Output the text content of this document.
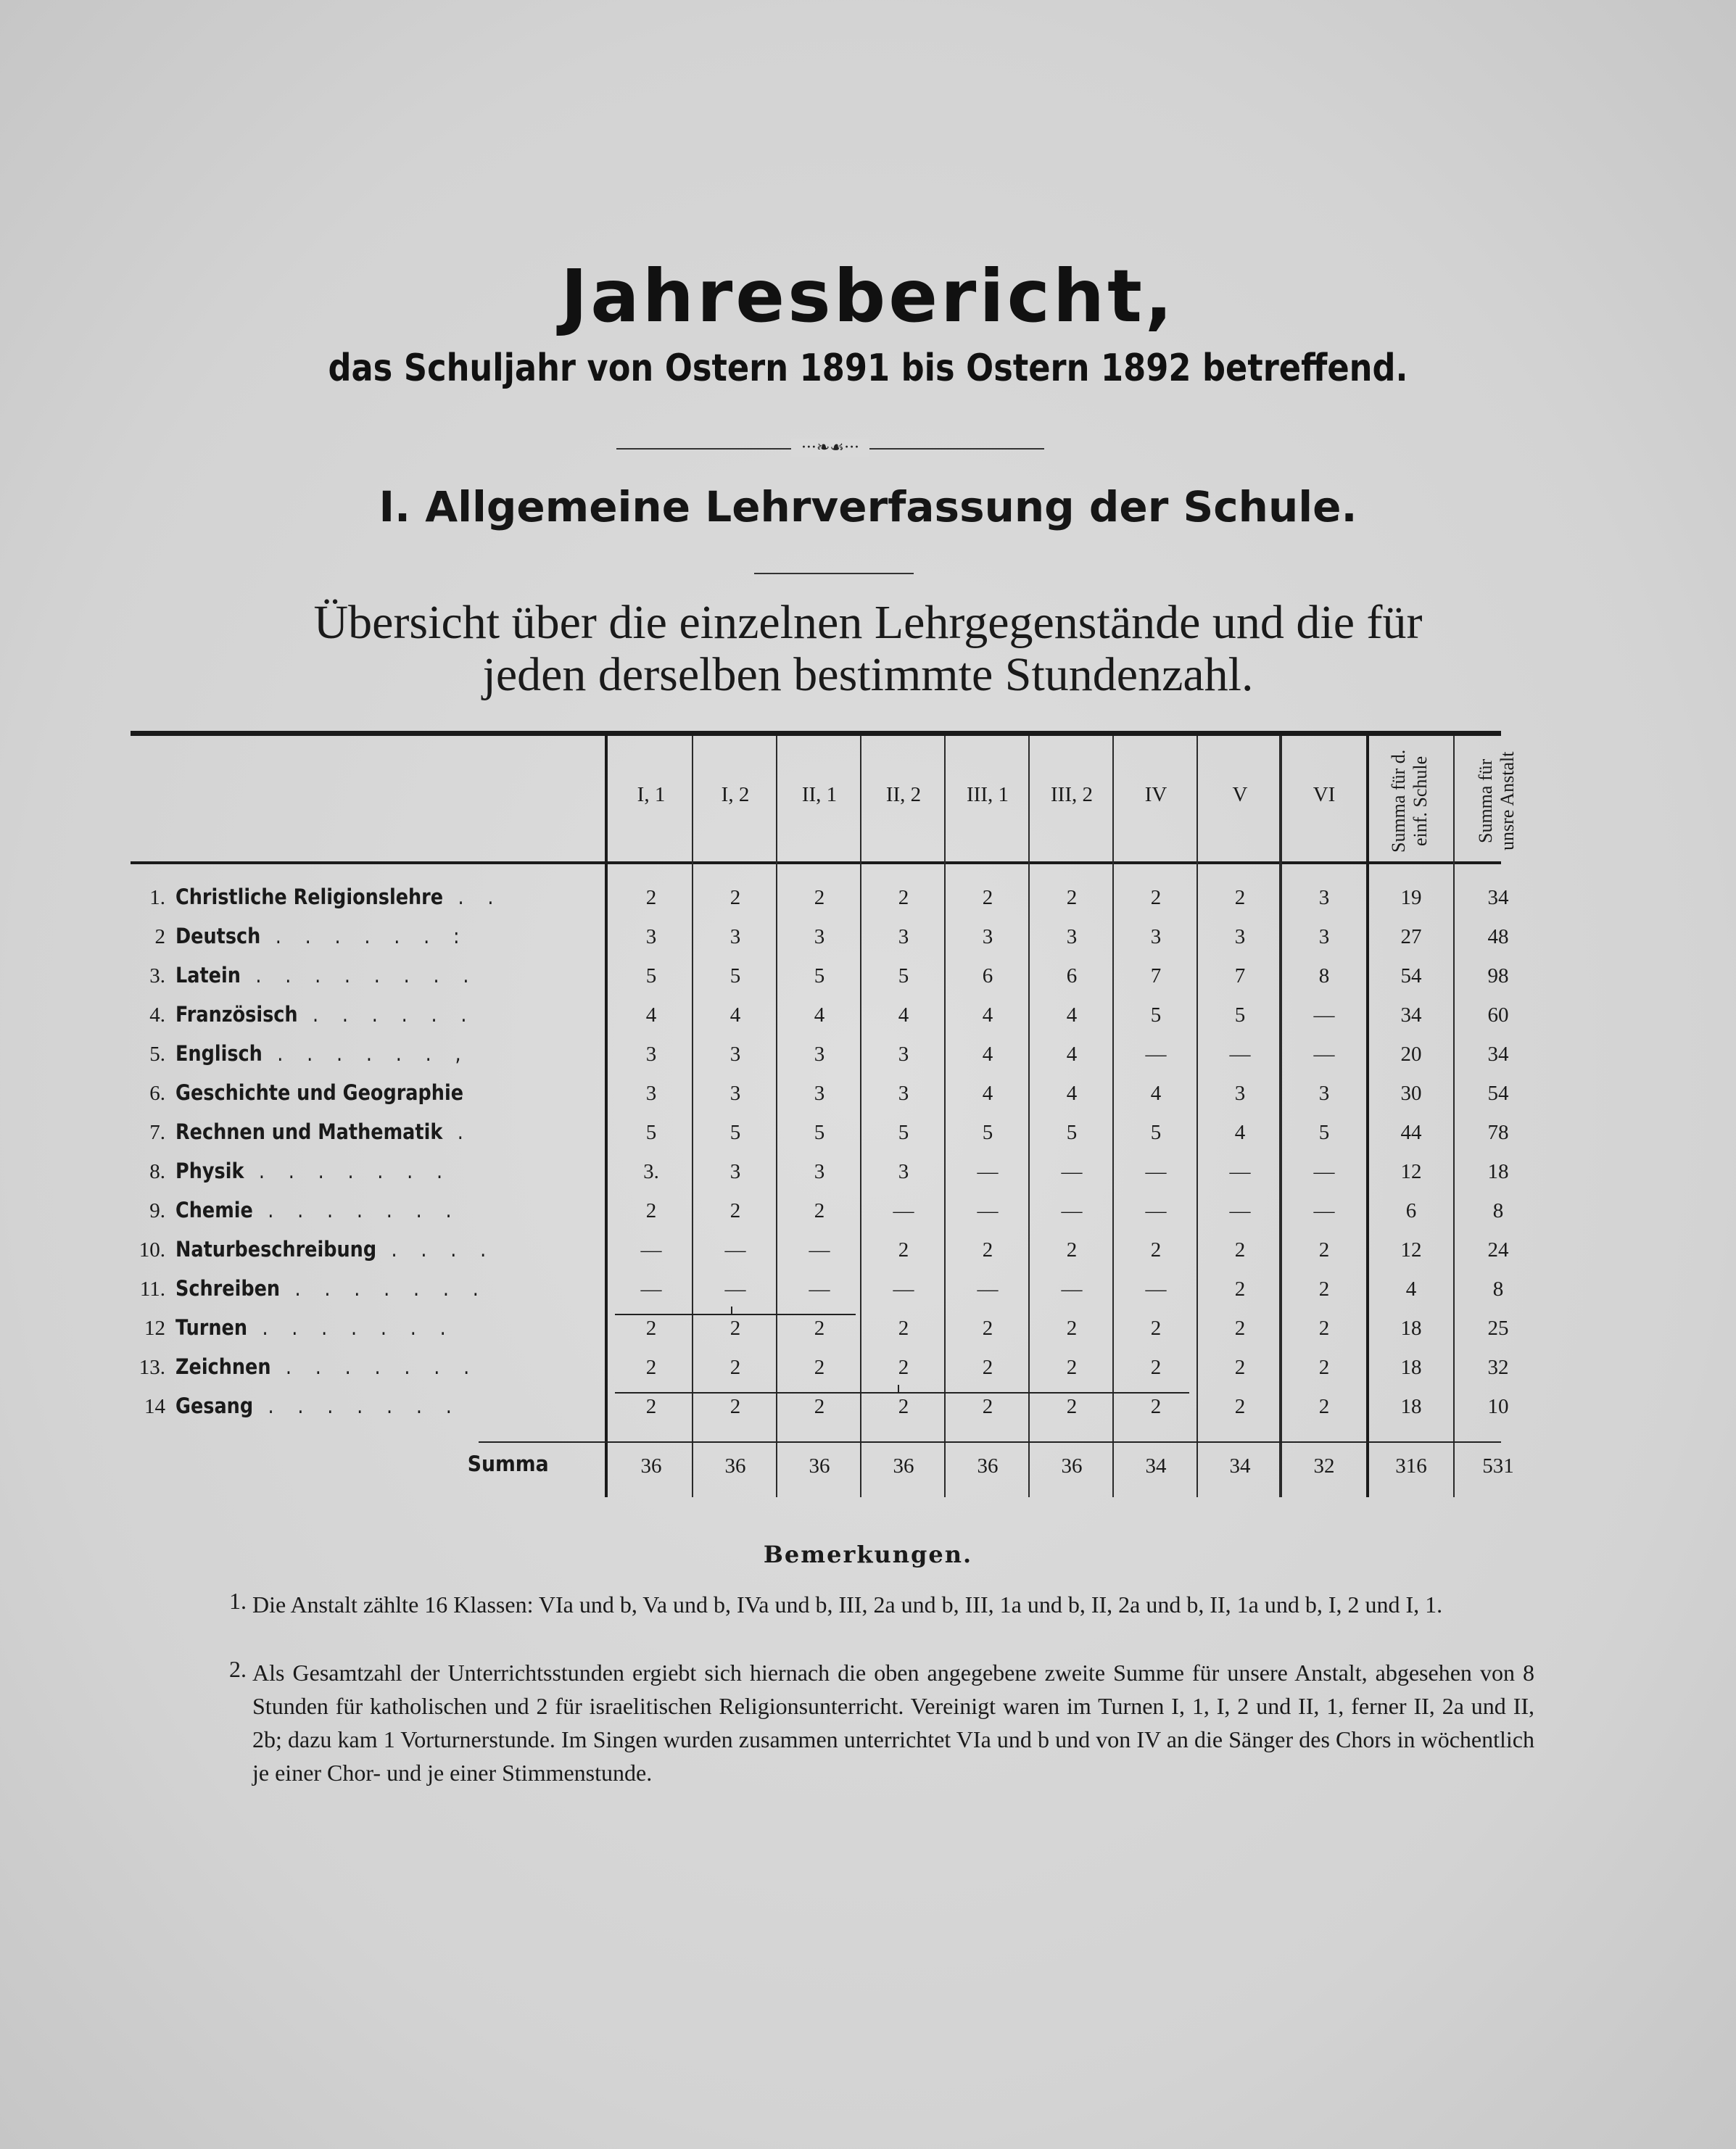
Jahresbericht,
das Schuljahr von Ostern 1891 bis Ostern 1892 betreffend.
···❧☙···
I. Allgemeine Lehrverfassung der Schule.
Übersicht über die einzelnen Lehrgegenstände und die für
jeden derselben bestimmte Stundenzahl.
I, 1	I, 2	II, 1	II, 2	III, 1	III, 2	IV	V	VI	Summa für d. einf. Schule	Summa für unsre Anstalt
1. Christliche Religionslehre . .	2	2	2	2	2	2	2	2	3	19	34
2 Deutsch . . . . . . :	3	3	3	3	3	3	3	3	3	27	48
3. Latein . . . . . . . .	5	5	5	5	6	6	7	7	8	54	98
4. Französisch . . . . . .	4	4	4	4	4	4	5	5	—	34	60
5. Englisch . . . . . . ,	3	3	3	3	4	4	—	—	—	20	34
6. Geschichte und Geographie	3	3	3	3	4	4	4	3	3	30	54
7. Rechnen und Mathematik .	5	5	5	5	5	5	5	4	5	44	78
8. Physik . . . . . . .	3.	3	3	3	—	—	—	—	—	12	18
9. Chemie . . . . . . .	2	2	2	—	—	—	—	—	—	6	8
10. Naturbeschreibung . . . .	—	—	—	2	2	2	2	2	2	12	24
11. Schreiben . . . . . . .	—	—	—	—	—	—	—	2	2	4	8
12 Turnen . . . . . . .	2	2	2	2	2	2	2	2	2	18	25
13. Zeichnen . . . . . . .	2	2	2	2	2	2	2	2	2	18	32
14 Gesang . . . . . . .	2	2	2	2	2	2	2	2	2	18	10
Summa	36	36	36	36	36	36	34	34	32	316	531
Bemerkungen.
1. Die Anstalt zählte 16 Klassen: VIa und b, Va und b, IVa und b, III, 2a und b, III, 1a und b, II, 2a und b, II, 1a und b, I, 2 und I, 1.
2. Als Gesamtzahl der Unterrichtsstunden ergiebt sich hiernach die oben angegebene zweite Summe für unsere Anstalt, abgesehen von 8 Stunden für katholischen und 2 für israelitischen Religionsunterricht. Vereinigt waren im Turnen I, 1, I, 2 und II, 1, ferner II, 2a und II, 2b; dazu kam 1 Vorturnerstunde. Im Singen wurden zusammen unterrichtet VIa und b und von IV an die Sänger des Chors in wöchentlich je einer Chor- und je einer Stimmenstunde.
